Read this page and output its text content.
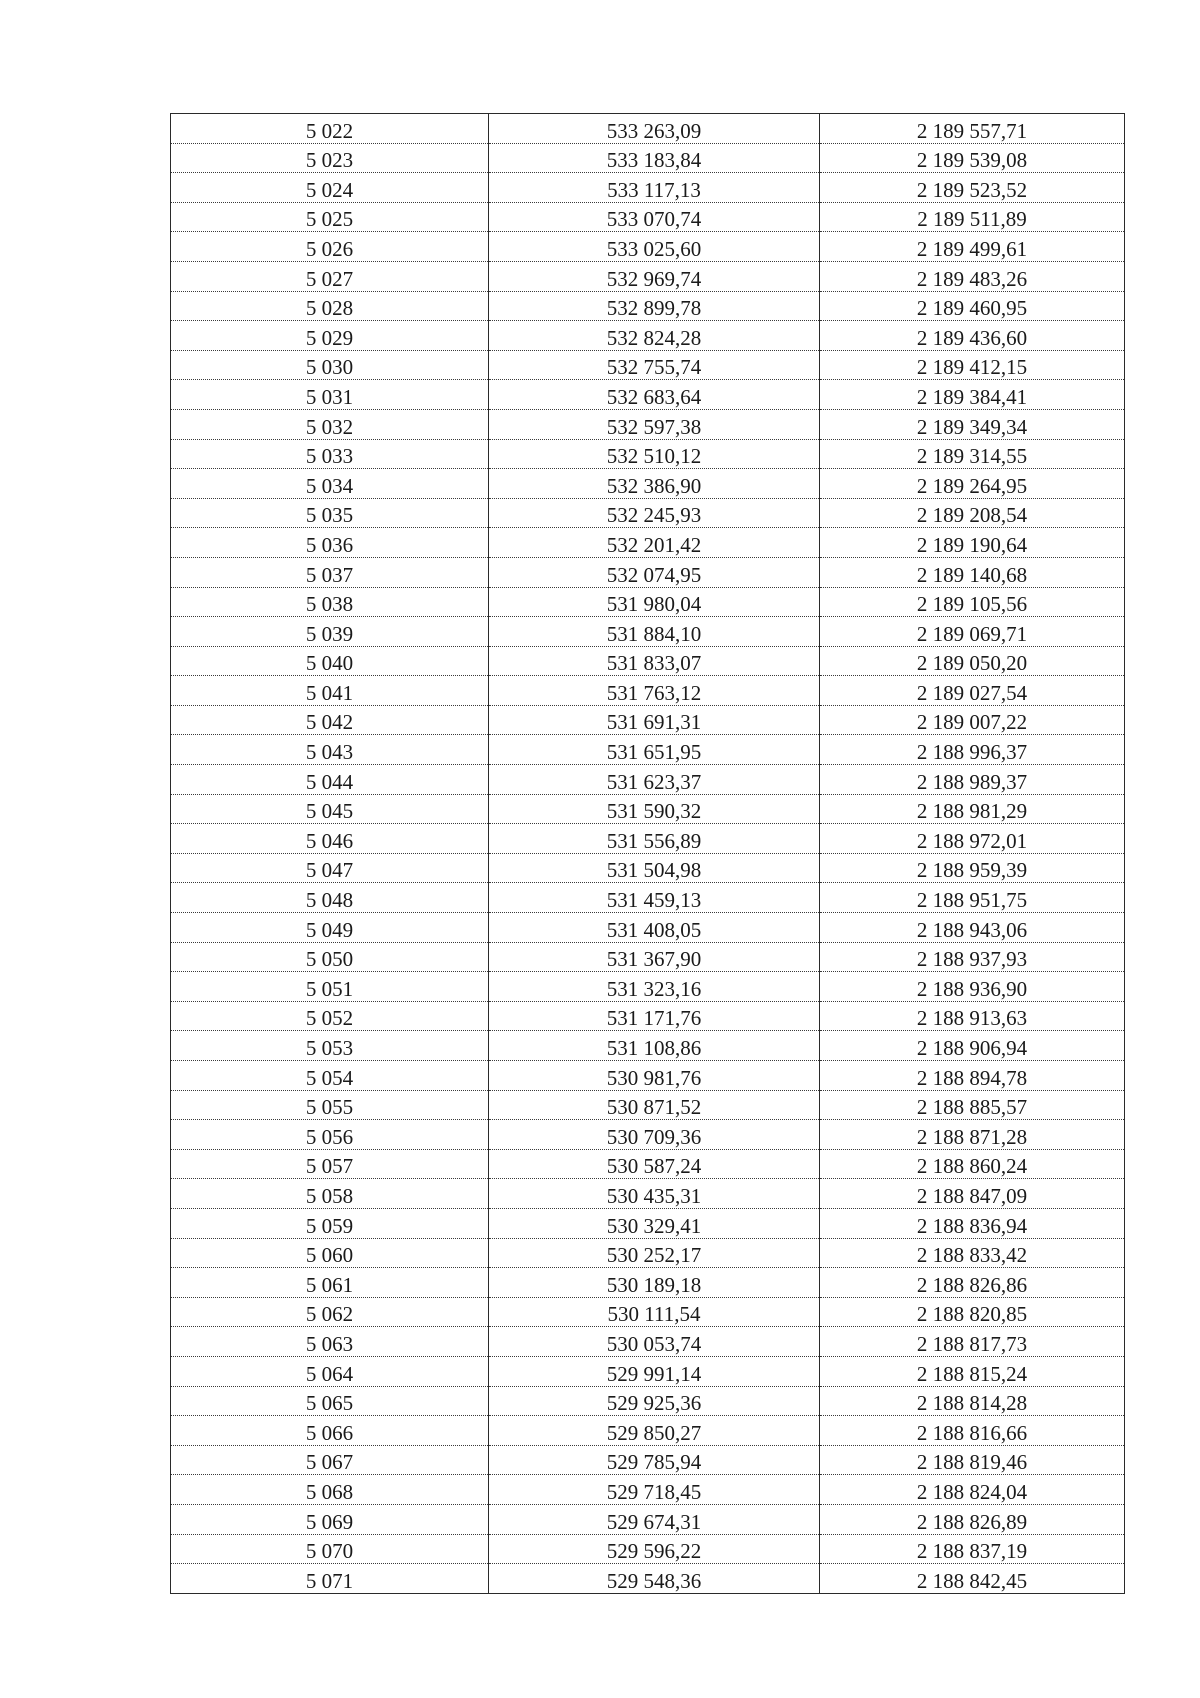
5 022	533 263,09	2 189 557,71
5 023	533 183,84	2 189 539,08
5 024	533 117,13	2 189 523,52
5 025	533 070,74	2 189 511,89
5 026	533 025,60	2 189 499,61
5 027	532 969,74	2 189 483,26
5 028	532 899,78	2 189 460,95
5 029	532 824,28	2 189 436,60
5 030	532 755,74	2 189 412,15
5 031	532 683,64	2 189 384,41
5 032	532 597,38	2 189 349,34
5 033	532 510,12	2 189 314,55
5 034	532 386,90	2 189 264,95
5 035	532 245,93	2 189 208,54
5 036	532 201,42	2 189 190,64
5 037	532 074,95	2 189 140,68
5 038	531 980,04	2 189 105,56
5 039	531 884,10	2 189 069,71
5 040	531 833,07	2 189 050,20
5 041	531 763,12	2 189 027,54
5 042	531 691,31	2 189 007,22
5 043	531 651,95	2 188 996,37
5 044	531 623,37	2 188 989,37
5 045	531 590,32	2 188 981,29
5 046	531 556,89	2 188 972,01
5 047	531 504,98	2 188 959,39
5 048	531 459,13	2 188 951,75
5 049	531 408,05	2 188 943,06
5 050	531 367,90	2 188 937,93
5 051	531 323,16	2 188 936,90
5 052	531 171,76	2 188 913,63
5 053	531 108,86	2 188 906,94
5 054	530 981,76	2 188 894,78
5 055	530 871,52	2 188 885,57
5 056	530 709,36	2 188 871,28
5 057	530 587,24	2 188 860,24
5 058	530 435,31	2 188 847,09
5 059	530 329,41	2 188 836,94
5 060	530 252,17	2 188 833,42
5 061	530 189,18	2 188 826,86
5 062	530 111,54	2 188 820,85
5 063	530 053,74	2 188 817,73
5 064	529 991,14	2 188 815,24
5 065	529 925,36	2 188 814,28
5 066	529 850,27	2 188 816,66
5 067	529 785,94	2 188 819,46
5 068	529 718,45	2 188 824,04
5 069	529 674,31	2 188 826,89
5 070	529 596,22	2 188 837,19
5 071	529 548,36	2 188 842,45
